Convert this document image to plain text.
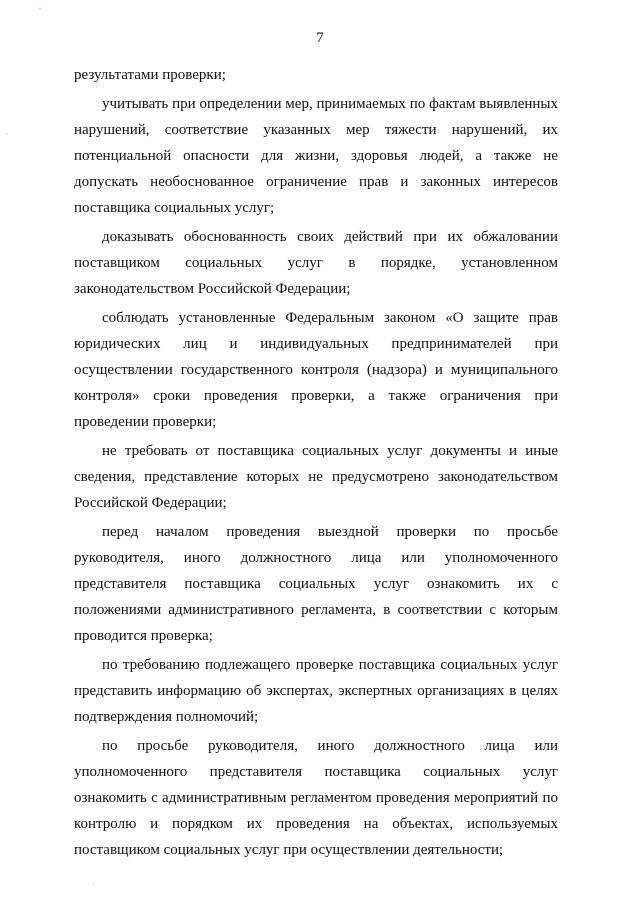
ˇ
·
·
7

результатами проверки;

учитывать при определении мер, принимаемых по фактам выявленных нарушений, соответствие указанных мер тяжести нарушений, их потенциальной опасности для жизни, здоровья людей, а также не допускать необоснованное ограничение прав и законных интересов поставщика социальных услуг;

доказывать обоснованность своих действий при их обжаловании поставщиком социальных услуг в порядке, установленном законодательством Российской Федерации;

соблюдать установленные Федеральным законом «О защите прав юридических лиц и индивидуальных предпринимателей при осуществлении государственного контроля (надзора) и муниципального контроля» сроки проведения проверки, а также ограничения при проведении проверки;

не требовать от поставщика социальных услуг документы и иные сведения, представление которых не предусмотрено законодательством Российской Федерации;

перед началом проведения выездной проверки по просьбе руководителя, иного должностного лица или уполномоченного представителя поставщика социальных услуг ознакомить их с положениями административного регламента, в соответствии с которым проводится проверка;

по требованию подлежащего проверке поставщика социальных услуг представить информацию об экспертах, экспертных организациях в целях подтверждения полномочий;

по просьбе руководителя, иного должностного лица или уполномоченного представителя поставщика социальных услуг ознакомить с административным регламентом проведения мероприятий по контролю и порядком их проведения на объектах, используемых поставщиком социальных услуг при осуществлении деятельности;
